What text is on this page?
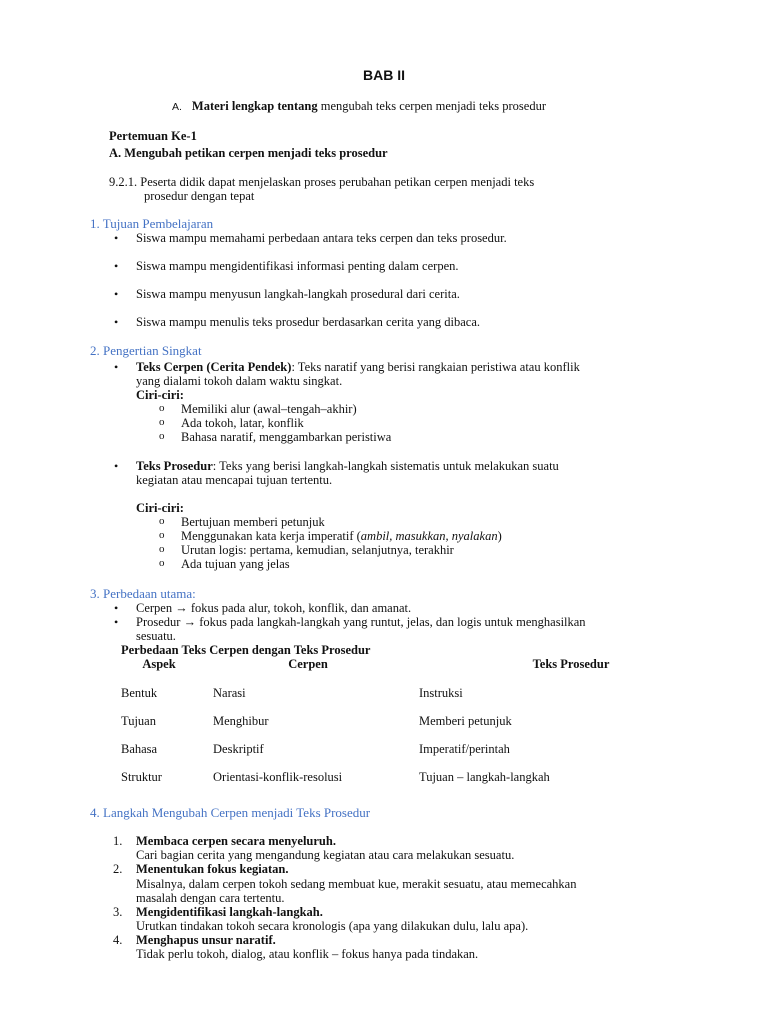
BAB II
A. Materi lengkap tentang mengubah teks cerpen menjadi teks prosedur
Pertemuan Ke-1
A. Mengubah petikan cerpen menjadi teks prosedur
9.2.1. Peserta didik dapat menjelaskan proses perubahan petikan cerpen menjadi teks
prosedur dengan tepat
1. Tujuan Pembelajaran
• Siswa mampu memahami perbedaan antara teks cerpen dan teks prosedur.
• Siswa mampu mengidentifikasi informasi penting dalam cerpen.
• Siswa mampu menyusun langkah-langkah prosedural dari cerita.
• Siswa mampu menulis teks prosedur berdasarkan cerita yang dibaca.
2. Pengertian Singkat
• Teks Cerpen (Cerita Pendek): Teks naratif yang berisi rangkaian peristiwa atau konflik
yang dialami tokoh dalam waktu singkat.
Ciri-ciri:
o Memiliki alur (awal–tengah–akhir)
o Ada tokoh, latar, konflik
o Bahasa naratif, menggambarkan peristiwa
• Teks Prosedur: Teks yang berisi langkah-langkah sistematis untuk melakukan suatu
kegiatan atau mencapai tujuan tertentu.
Ciri-ciri:
o Bertujuan memberi petunjuk
o Menggunakan kata kerja imperatif (ambil, masukkan, nyalakan)
o Urutan logis: pertama, kemudian, selanjutnya, terakhir
o Ada tujuan yang jelas
3. Perbedaan utama:
• Cerpen → fokus pada alur, tokoh, konflik, dan amanat.
• Prosedur → fokus pada langkah-langkah yang runtut, jelas, dan logis untuk menghasilkan
sesuatu.
Perbedaan Teks Cerpen dengan Teks Prosedur
Aspek	Cerpen	Teks Prosedur
Bentuk	Narasi	Instruksi
Tujuan	Menghibur	Memberi petunjuk
Bahasa	Deskriptif	Imperatif/perintah
Struktur	Orientasi-konflik-resolusi	Tujuan – langkah-langkah
4. Langkah Mengubah Cerpen menjadi Teks Prosedur
1. Membaca cerpen secara menyeluruh.
Cari bagian cerita yang mengandung kegiatan atau cara melakukan sesuatu.
2. Menentukan fokus kegiatan.
Misalnya, dalam cerpen tokoh sedang membuat kue, merakit sesuatu, atau memecahkan
masalah dengan cara tertentu.
3. Mengidentifikasi langkah-langkah.
Urutkan tindakan tokoh secara kronologis (apa yang dilakukan dulu, lalu apa).
4. Menghapus unsur naratif.
Tidak perlu tokoh, dialog, atau konflik – fokus hanya pada tindakan.
